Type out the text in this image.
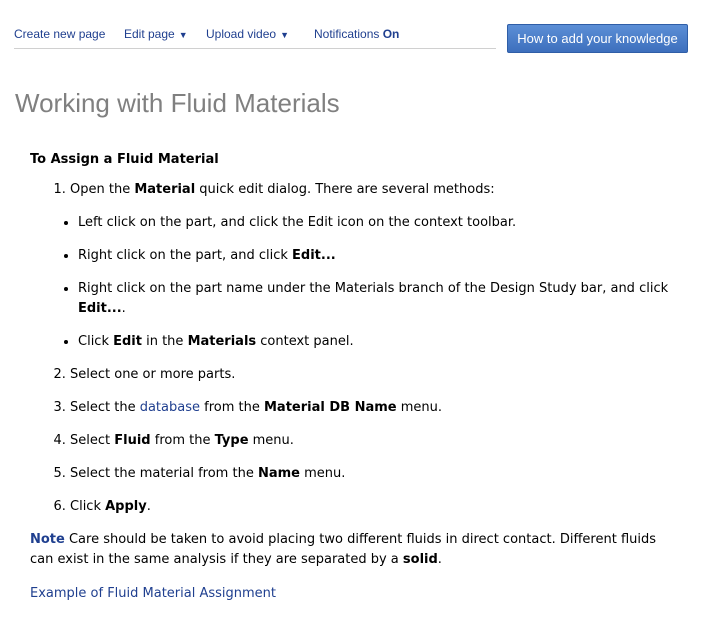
Create new page Edit page ▼ Upload video ▼ Notifications On	How to add your knowledge
Working with Fluid Materials

To Assign a Fluid Material

1. Open the Material quick edit dialog. There are several methods:
• Left click on the part, and click the Edit icon on the context toolbar.
• Right click on the part, and click Edit...
• Right click on the part name under the Materials branch of the Design Study bar, and click Edit....
• Click Edit in the Materials context panel.
2. Select one or more parts.
3. Select the database from the Material DB Name menu.
4. Select Fluid from the Type menu.
5. Select the material from the Name menu.
6. Click Apply.

Note Care should be taken to avoid placing two different fluids in direct contact. Different fluids can exist in the same analysis if they are separated by a solid.

Example of Fluid Material Assignment
